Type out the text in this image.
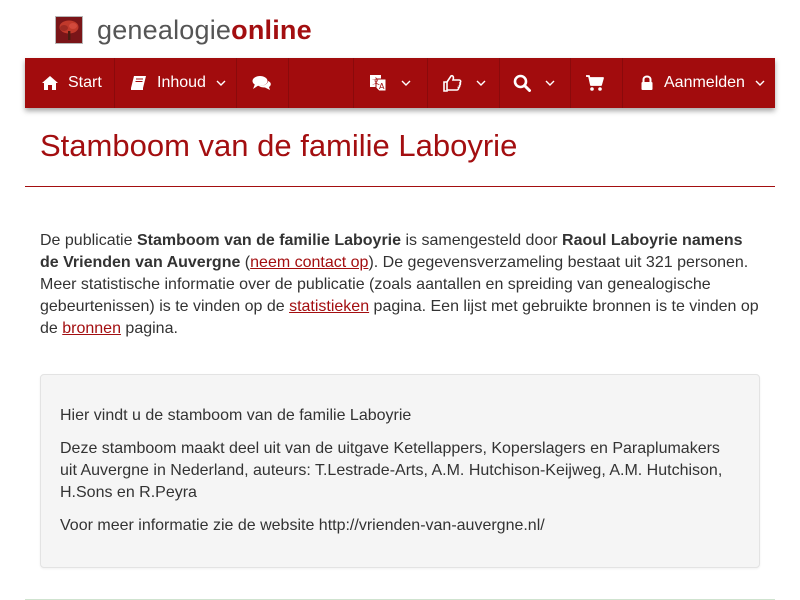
genealogieonline
Start	Inhoud	文
A	Aanmelden
Stamboom van de familie Laboyrie

De publicatie Stamboom van de familie Laboyrie is samengesteld door Raoul Laboyrie namens de Vrienden van Auvergne (neem contact op). De gegevensverzameling bestaat uit 321 personen. Meer statistische informatie over de publicatie (zoals aantallen en spreiding van genealogische gebeurtenissen) is te vinden op de statistieken pagina. Een lijst met gebruikte bronnen is te vinden op de bronnen pagina.

Hier vindt u de stamboom van de familie Laboyrie

Deze stamboom maakt deel uit van de uitgave Ketellappers, Koperslagers en Paraplumakers uit Auvergne in Nederland, auteurs: T.Lestrade-Arts, A.M. Hutchison-Keijweg, A.M. Hutchison, H.Sons en R.Peyra

Voor meer informatie zie de website http://vrienden-van-auvergne.nl/
